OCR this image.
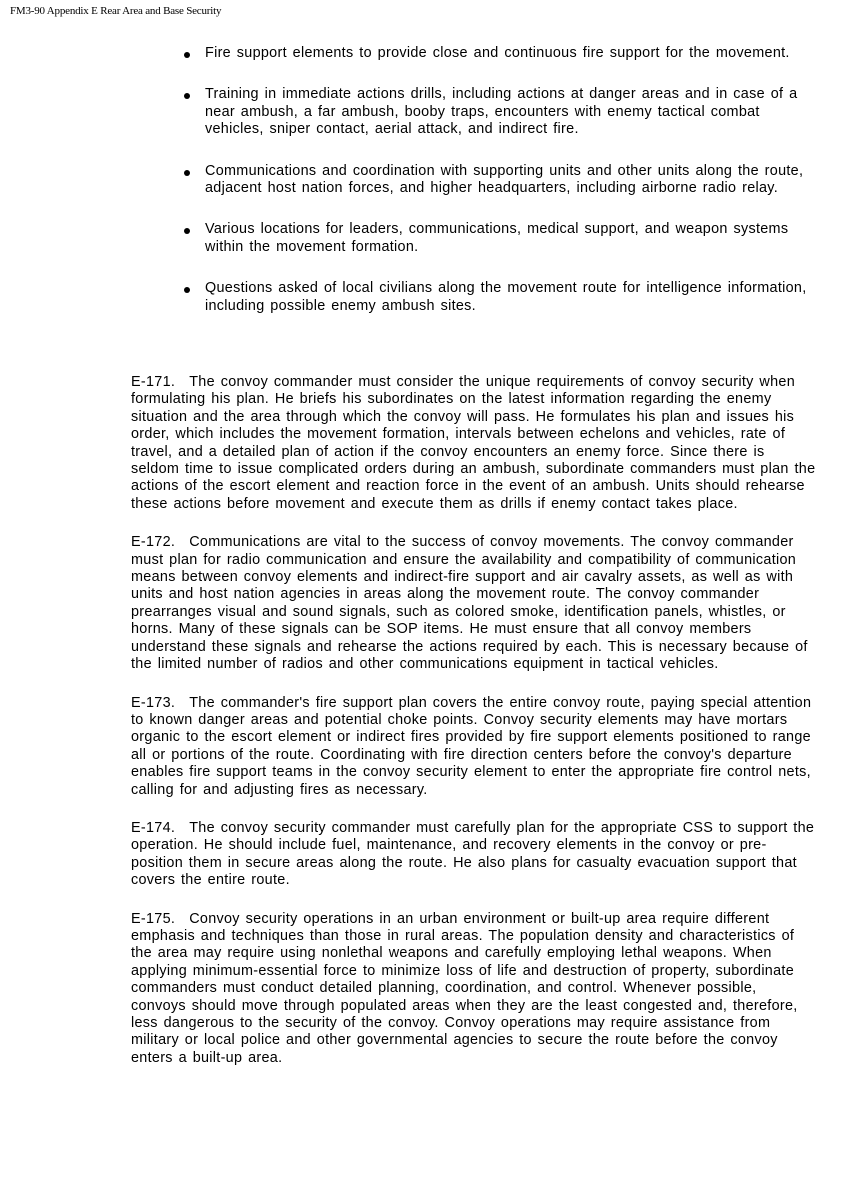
FM3-90 Appendix E Rear Area and Base Security
Fire support elements to provide close and continuous fire support for the movement.
Training in immediate actions drills, including actions at danger areas and in case of a near ambush, a far ambush, booby traps, encounters with enemy tactical combat vehicles, sniper contact, aerial attack, and indirect fire.
Communications and coordination with supporting units and other units along the route, adjacent host nation forces, and higher headquarters, including airborne radio relay.
Various locations for leaders, communications, medical support, and weapon systems within the movement formation.
Questions asked of local civilians along the movement route for intelligence information, including possible enemy ambush sites.

E-171. The convoy commander must consider the unique requirements of convoy security when formulating his plan. He briefs his subordinates on the latest information regarding the enemy situation and the area through which the convoy will pass. He formulates his plan and issues his order, which includes the movement formation, intervals between echelons and vehicles, rate of travel, and a detailed plan of action if the convoy encounters an enemy force. Since there is seldom time to issue complicated orders during an ambush, subordinate commanders must plan the actions of the escort element and reaction force in the event of an ambush. Units should rehearse these actions before movement and execute them as drills if enemy contact takes place.

E-172. Communications are vital to the success of convoy movements. The convoy commander must plan for radio communication and ensure the availability and compatibility of communication means between convoy elements and indirect-fire support and air cavalry assets, as well as with units and host nation agencies in areas along the movement route. The convoy commander prearranges visual and sound signals, such as colored smoke, identification panels, whistles, or horns. Many of these signals can be SOP items. He must ensure that all convoy members understand these signals and rehearse the actions required by each. This is necessary because of the limited number of radios and other communications equipment in tactical vehicles.

E-173. The commander's fire support plan covers the entire convoy route, paying special attention to known danger areas and potential choke points. Convoy security elements may have mortars organic to the escort element or indirect fires provided by fire support elements positioned to range all or portions of the route. Coordinating with fire direction centers before the convoy's departure enables fire support teams in the convoy security element to enter the appropriate fire control nets, calling for and adjusting fires as necessary.

E-174. The convoy security commander must carefully plan for the appropriate CSS to support the operation. He should include fuel, maintenance, and recovery elements in the convoy or pre-position them in secure areas along the route. He also plans for casualty evacuation support that covers the entire route.

E-175. Convoy security operations in an urban environment or built-up area require different emphasis and techniques than those in rural areas. The population density and characteristics of the area may require using nonlethal weapons and carefully employing lethal weapons. When applying minimum-essential force to minimize loss of life and destruction of property, subordinate commanders must conduct detailed planning, coordination, and control. Whenever possible, convoys should move through populated areas when they are the least congested and, therefore, less dangerous to the security of the convoy. Convoy operations may require assistance from military or local police and other governmental agencies to secure the route before the convoy enters a built-up area.
